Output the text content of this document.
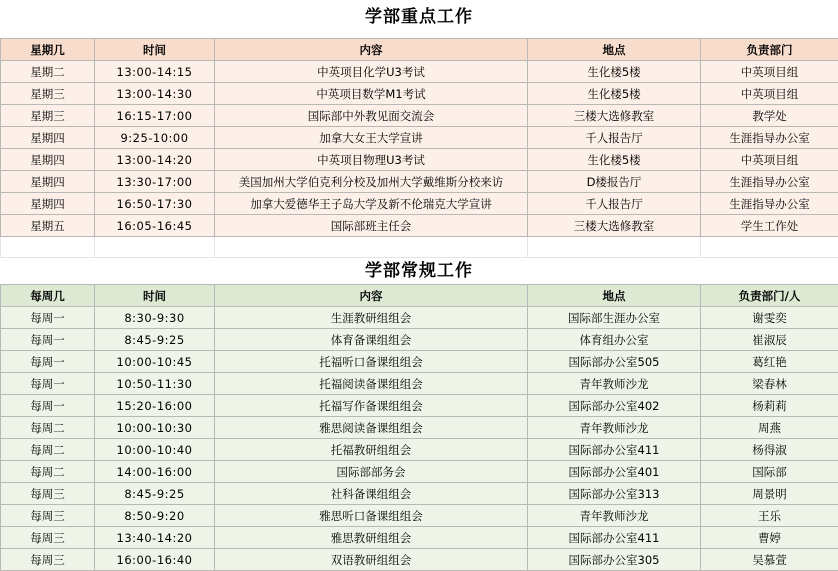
学部重点工作
星期几	时间	内容	地点	负责部门
星期二	13:00-14:15	中英项目化学U3考试	生化楼5楼	中英项目组
星期三	13:00-14:30	中英项目数学M1考试	生化楼5楼	中英项目组
星期三	16:15-17:00	国际部中外教见面交流会	三楼大选修教室	教学处
星期四	9:25-10:00	加拿大女王大学宣讲	千人报告厅	生涯指导办公室
星期四	13:00-14:20	中英项目物理U3考试	生化楼5楼	中英项目组
星期四	13:30-17:00	美国加州大学伯克利分校及加州大学戴维斯分校来访	D楼报告厅	生涯指导办公室
星期四	16:50-17:30	加拿大爱德华王子岛大学及新不伦瑞克大学宣讲	千人报告厅	生涯指导办公室
星期五	16:05-16:45	国际部班主任会	三楼大选修教室	学生工作处

学部常规工作
每周几	时间	内容	地点	负责部门/人
每周一	8:30-9:30	生涯教研组组会	国际部生涯办公室	谢雯奕
每周一	8:45-9:25	体育备课组组会	体育组办公室	崔淑辰
每周一	10:00-10:45	托福听口备课组组会	国际部办公室505	葛红艳
每周一	10:50-11:30	托福阅读备课组组会	青年教师沙龙	梁春林
每周一	15:20-16:00	托福写作备课组组会	国际部办公室402	杨莉莉
每周二	10:00-10:30	雅思阅读备课组组会	青年教师沙龙	周燕
每周二	10:00-10:40	托福教研组组会	国际部办公室411	杨得淑
每周二	14:00-16:00	国际部部务会	国际部办公室401	国际部
每周三	8:45-9:25	社科备课组组会	国际部办公室313	周景明
每周三	8:50-9:20	雅思听口备课组组会	青年教师沙龙	王乐
每周三	13:40-14:20	雅思教研组组会	国际部办公室411	曹婷
每周三	16:00-16:40	双语教研组组会	国际部办公室305	吴慕萱
